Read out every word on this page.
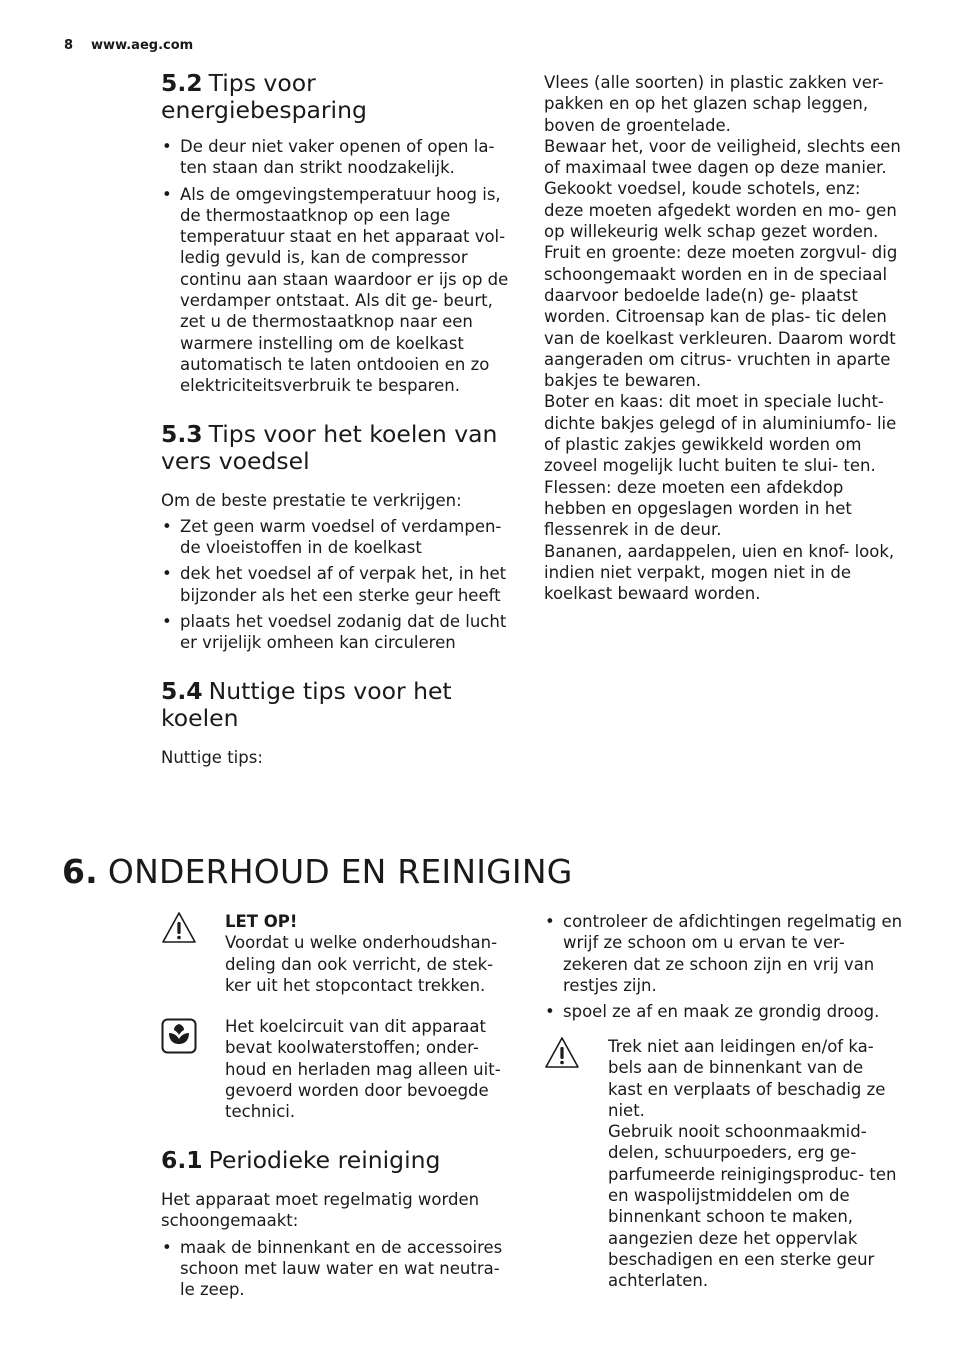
8 www.aeg.com
5.2 Tips voor energiebesparing
• De deur niet vaker openen of open la- ten staan dan strikt noodzakelijk.
• Als de omgevingstemperatuur hoog is, de thermostaatknop op een lage temperatuur staat en het apparaat vol- ledig gevuld is, kan de compressor continu aan staan waardoor er ijs op de verdamper ontstaat. Als dit ge- beurt, zet u de thermostaatknop naar een warmere instelling om de koelkast automatisch te laten ontdooien en zo elektriciteitsverbruik te besparen.
5.3 Tips voor het koelen van vers voedsel

Om de beste prestatie te verkrijgen:

• Zet geen warm voedsel of verdampen- de vloeistoffen in de koelkast
• dek het voedsel af of verpak het, in het bijzonder als het een sterke geur heeft
• plaats het voedsel zodanig dat de lucht er vrijelijk omheen kan circuleren
5.4 Nuttige tips voor het koelen

Nuttige tips:

Vlees (alle soorten) in plastic zakken ver- pakken en op het glazen schap leggen, boven de groentelade.

Bewaar het, voor de veiligheid, slechts een of maximaal twee dagen op deze manier.

Gekookt voedsel, koude schotels, enz: deze moeten afgedekt worden en mo- gen op willekeurig welk schap gezet worden.

Fruit en groente: deze moeten zorgvul- dig schoongemaakt worden en in de speciaal daarvoor bedoelde lade(n) ge- plaatst worden. Citroensap kan de plas- tic delen van de koelkast verkleuren. Daarom wordt aangeraden om citrus- vruchten in aparte bakjes te bewaren.

Boter en kaas: dit moet in speciale lucht- dichte bakjes gelegd of in aluminiumfo- lie of plastic zakjes gewikkeld worden om zoveel mogelijk lucht buiten te slui- ten.

Flessen: deze moeten een afdekdop hebben en opgeslagen worden in het flessenrek in de deur.

Bananen, aardappelen, uien en knof- look, indien niet verpakt, mogen niet in de koelkast bewaard worden.

6. ONDERHOUD EN REINIGING
LET OP!
Voordat u welke onderhoudshan- deling dan ook verricht, de stek- ker uit het stopcontact trekken.
Het koelcircuit van dit apparaat bevat koolwaterstoffen; onder- houd en herladen mag alleen uit- gevoerd worden door bevoegde technici.
6.1 Periodieke reiniging

Het apparaat moet regelmatig worden schoongemaakt:

• maak de binnenkant en de accessoires schoon met lauw water en wat neutra- le zeep.
• controleer de afdichtingen regelmatig en wrijf ze schoon om u ervan te ver- zekeren dat ze schoon zijn en vrij van restjes zijn.
• spoel ze af en maak ze grondig droog.
Trek niet aan leidingen en/of ka- bels aan de binnenkant van de kast en verplaats of beschadig ze niet.
Gebruik nooit schoonmaakmid- delen, schuurpoeders, erg ge- parfumeerde reinigingsproduc- ten en waspolijstmiddelen om de binnenkant schoon te maken, aangezien deze het oppervlak beschadigen en een sterke geur achterlaten.
